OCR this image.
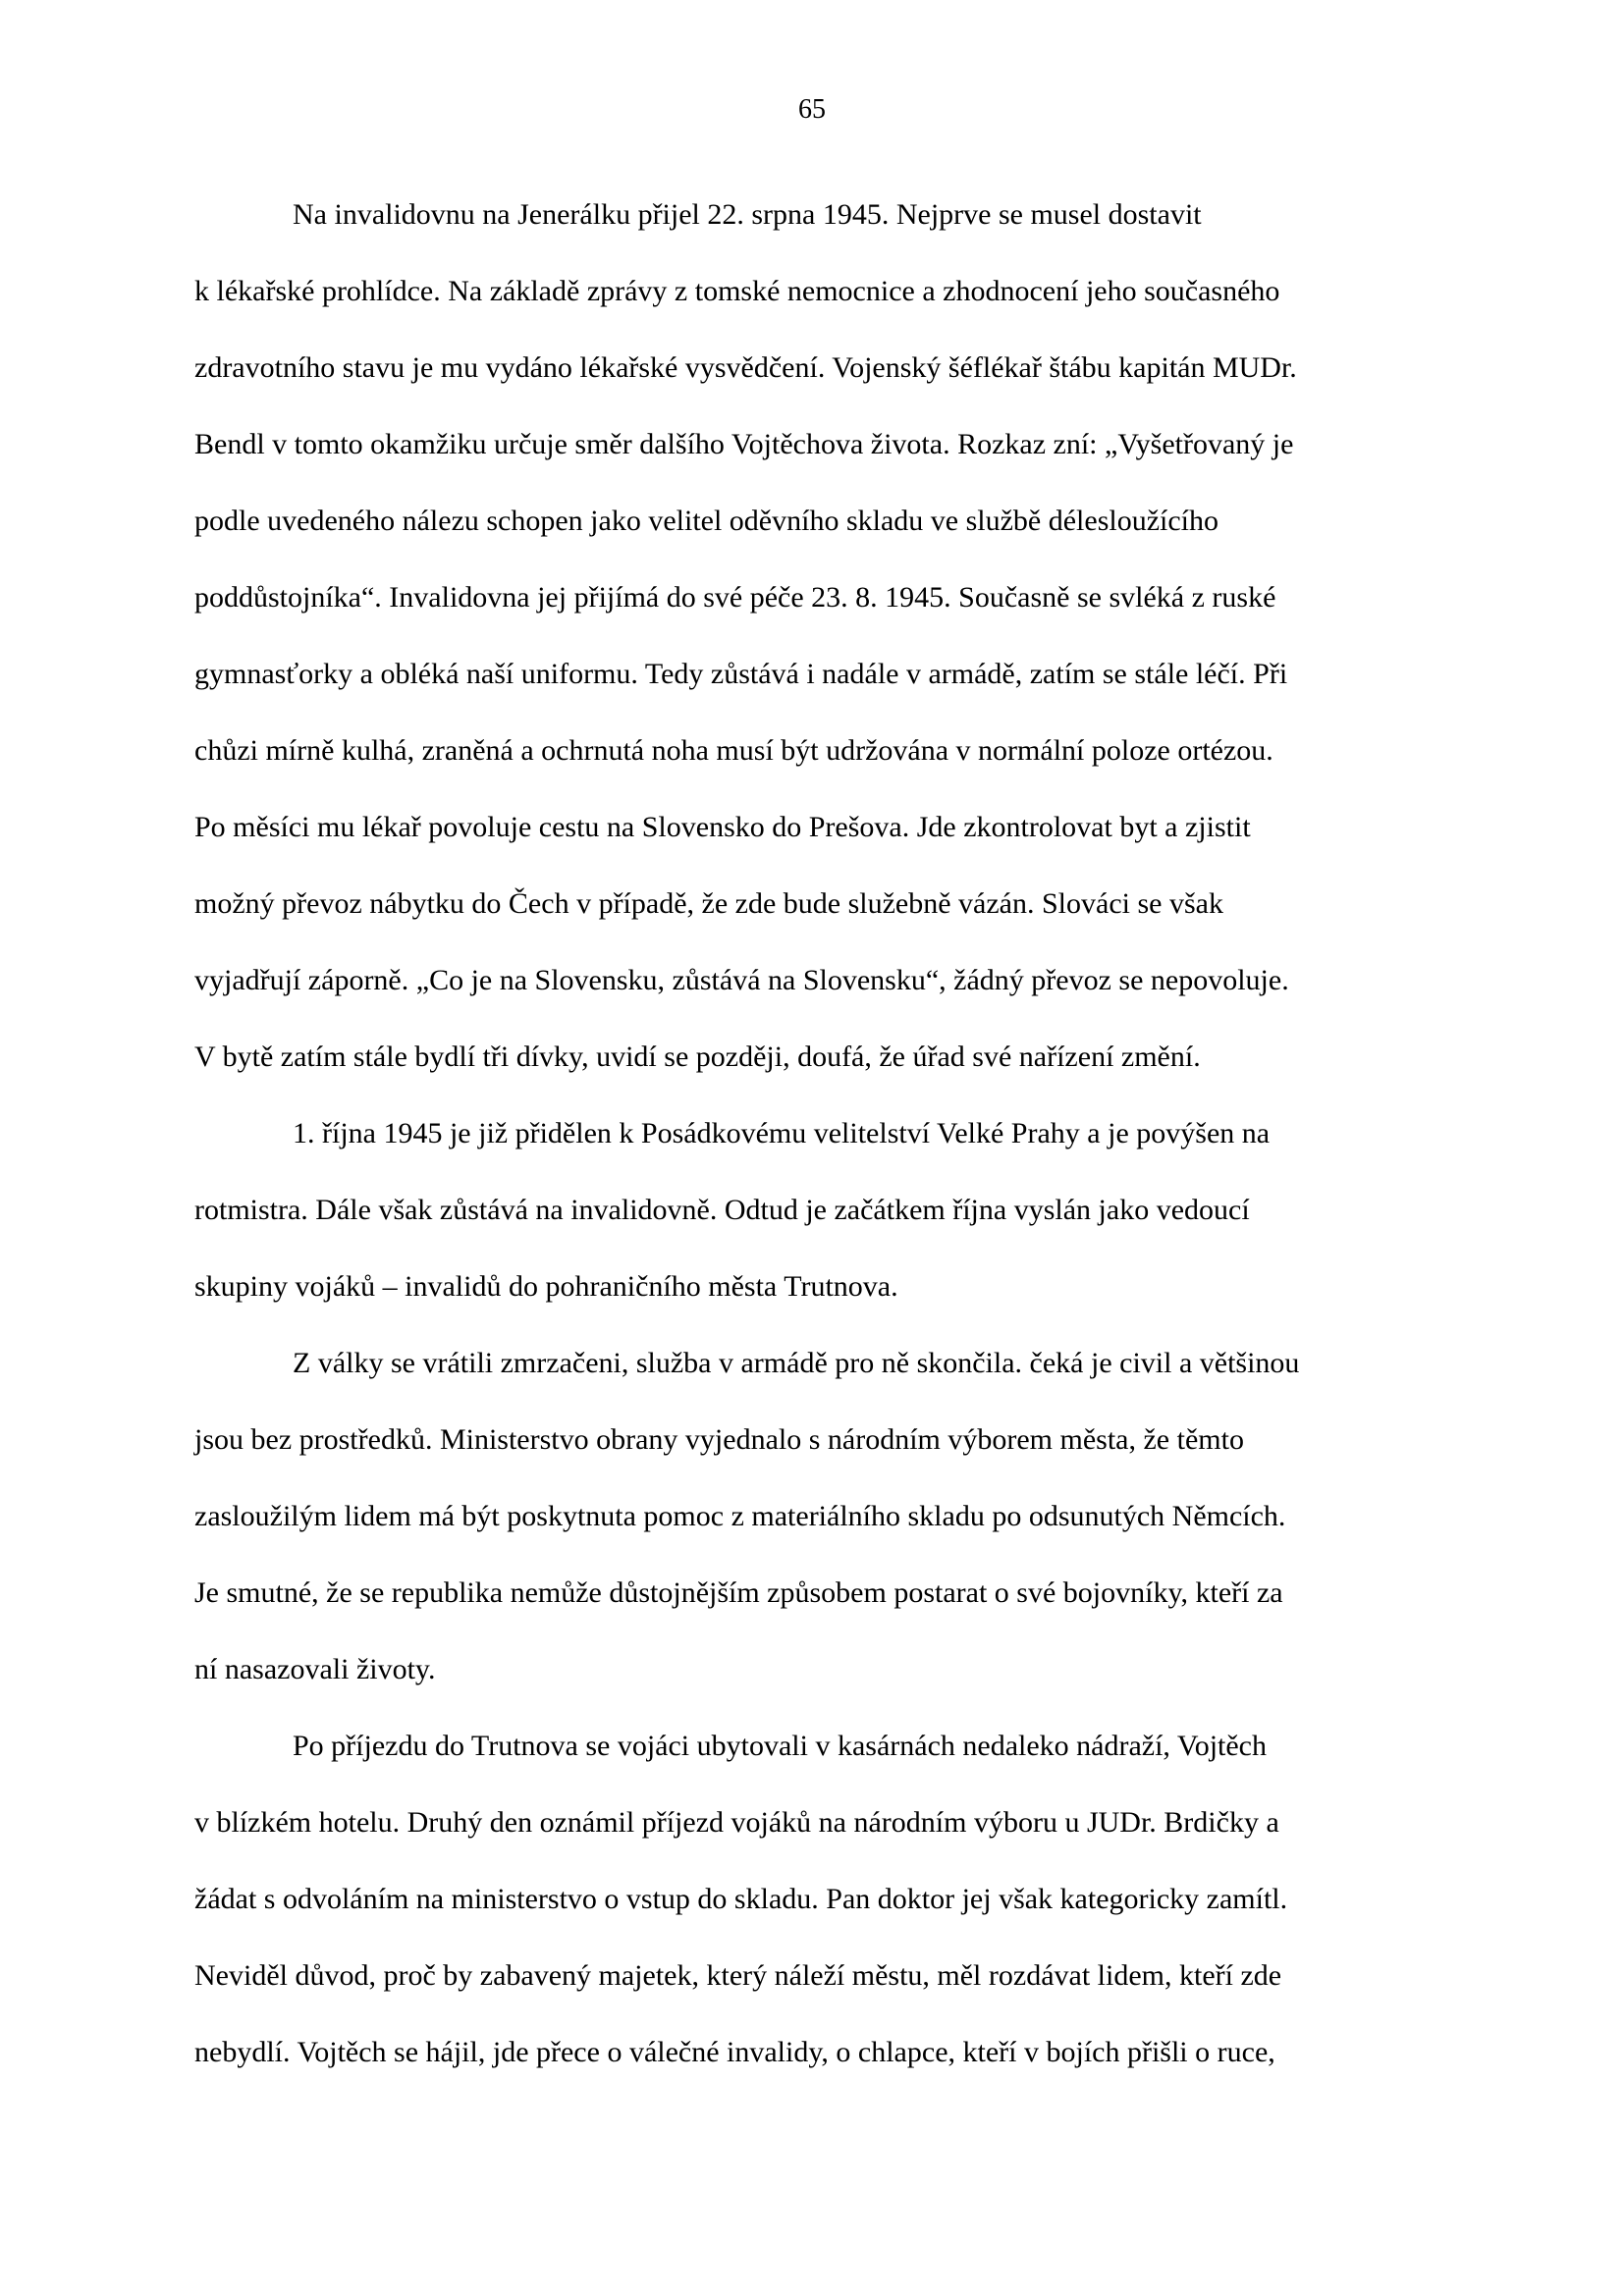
65
Na invalidovnu na Jenerálku přijel 22. srpna 1945. Nejprve se musel dostavit
k lékařské prohlídce. Na základě zprávy z tomské nemocnice a zhodnocení jeho současného
zdravotního stavu je mu vydáno lékařské vysvědčení. Vojenský šéflékař štábu kapitán MUDr.
Bendl v tomto okamžiku určuje směr dalšího Vojtěchova života. Rozkaz zní: „Vyšetřovaný je
podle uvedeného nálezu schopen jako velitel oděvního skladu ve službě délesloužícího
poddůstojníka“. Invalidovna jej přijímá do své péče 23. 8. 1945. Současně se svléká z ruské
gymnasťorky a obléká naší uniformu. Tedy zůstává i nadále v armádě, zatím se stále léčí. Při
chůzi mírně kulhá, zraněná a ochrnutá noha musí být udržována v normální poloze ortézou.
Po měsíci mu lékař povoluje cestu na Slovensko do Prešova. Jde zkontrolovat byt a zjistit
možný převoz nábytku do Čech v případě, že zde bude služebně vázán. Slováci se však
vyjadřují záporně. „Co je na Slovensku, zůstává na Slovensku“, žádný převoz se nepovoluje.
V bytě zatím stále bydlí tři dívky, uvidí se později, doufá, že úřad své nařízení změní.
1. října 1945 je již přidělen k Posádkovému velitelství Velké Prahy a je povýšen na
rotmistra. Dále však zůstává na invalidovně. Odtud je začátkem října vyslán jako vedoucí
skupiny vojáků – invalidů do pohraničního města Trutnova.
Z války se vrátili zmrzačeni, služba v armádě pro ně skončila. čeká je civil a většinou
jsou bez prostředků. Ministerstvo obrany vyjednalo s národním výborem města, že těmto
zasloužilým lidem má být poskytnuta pomoc z materiálního skladu po odsunutých Němcích.
Je smutné, že se republika nemůže důstojnějším způsobem postarat o své bojovníky, kteří za
ní nasazovali životy.
Po příjezdu do Trutnova se vojáci ubytovali v kasárnách nedaleko nádraží, Vojtěch
v blízkém hotelu. Druhý den oznámil příjezd vojáků na národním výboru u JUDr. Brdičky a
žádat s odvoláním na ministerstvo o vstup do skladu. Pan doktor jej však kategoricky zamítl.
Neviděl důvod, proč by zabavený majetek, který náleží městu, měl rozdávat lidem, kteří zde
nebydlí. Vojtěch se hájil, jde přece o válečné invalidy, o chlapce, kteří v bojích přišli o ruce,
